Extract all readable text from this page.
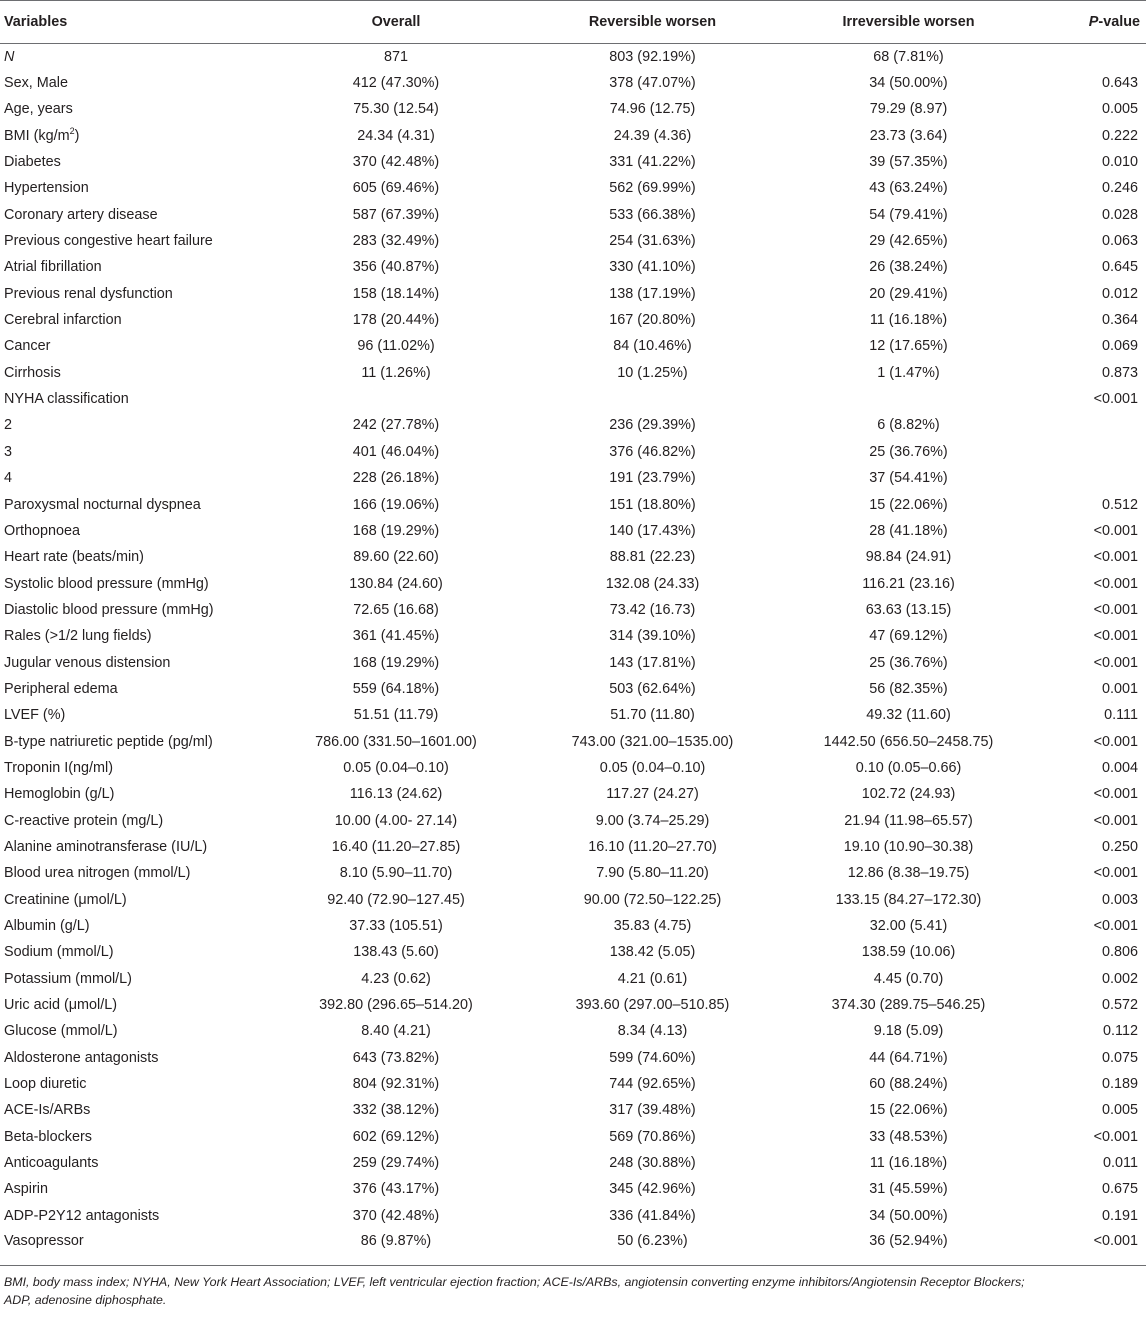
Variables	Overall	Reversible worsen	Irreversible worsen	P-value
N	871	803 (92.19%)	68 (7.81%)	
Sex, Male	412 (47.30%)	378 (47.07%)	34 (50.00%)	0.643
Age, years	75.30 (12.54)	74.96 (12.75)	79.29 (8.97)	0.005
BMI $(kg/m^2)$	24.34 (4.31)	24.39 (4.36)	23.73 (3.64)	0.222
Diabetes	370 (42.48%)	331 (41.22%)	39 (57.35%)	0.010
Hypertension	605 (69.46%)	562 (69.99%)	43 (63.24%)	0.246
Coronary artery disease	587 (67.39%)	533 (66.38%)	54 (79.41%)	0.028
Previous congestive heart failure	283 (32.49%)	254 (31.63%)	29 (42.65%)	0.063
Atrial fibrillation	356 (40.87%)	330 (41.10%)	26 (38.24%)	0.645
Previous renal dysfunction	158 (18.14%)	138 (17.19%)	20 (29.41%)	0.012
Cerebral infarction	178 (20.44%)	167 (20.80%)	11 (16.18%)	0.364
Cancer	96 (11.02%)	84 (10.46%)	12 (17.65%)	0.069
Cirrhosis	11 (1.26%)	10 (1.25%)	1 (1.47%)	0.873
NYHA classification				<0.001
2	242 (27.78%)	236 (29.39%)	6 (8.82%)	
3	401 (46.04%)	376 (46.82%)	25 (36.76%)	
4	228 (26.18%)	191 (23.79%)	37 (54.41%)	
Paroxysmal nocturnal dyspnea	166 (19.06%)	151 (18.80%)	15 (22.06%)	0.512
Orthopnoea	168 (19.29%)	140 (17.43%)	28 (41.18%)	<0.001
Heart rate (beats/min)	89.60 (22.60)	88.81 (22.23)	98.84 (24.91)	<0.001
Systolic blood pressure (mmHg)	130.84 (24.60)	132.08 (24.33)	116.21 (23.16)	<0.001
Diastolic blood pressure (mmHg)	72.65 (16.68)	73.42 (16.73)	63.63 (13.15)	<0.001
Rales (>1/2 lung fields)	361 (41.45%)	314 (39.10%)	47 (69.12%)	<0.001
Jugular venous distension	168 (19.29%)	143 (17.81%)	25 (36.76%)	<0.001
Peripheral edema	559 (64.18%)	503 (62.64%)	56 (82.35%)	0.001
LVEF (%)	51.51 (11.79)	51.70 (11.80)	49.32 (11.60)	0.111
B-type natriuretic peptide (pg/ml)	786.00 (331.50–1601.00)	743.00 (321.00–1535.00)	1442.50 (656.50–2458.75)	<0.001
Troponin I(ng/ml)	0.05 (0.04–0.10)	0.05 (0.04–0.10)	0.10 (0.05–0.66)	0.004
Hemoglobin (g/L)	116.13 (24.62)	117.27 (24.27)	102.72 (24.93)	<0.001
C-reactive protein (mg/L)	10.00 (4.00- 27.14)	9.00 (3.74–25.29)	21.94 (11.98–65.57)	<0.001
Alanine aminotransferase (IU/L)	16.40 (11.20–27.85)	16.10 (11.20–27.70)	19.10 (10.90–30.38)	0.250
Blood urea nitrogen (mmol/L)	8.10 (5.90–11.70)	7.90 (5.80–11.20)	12.86 (8.38–19.75)	<0.001
Creatinine (μmol/L)	92.40 (72.90–127.45)	90.00 (72.50–122.25)	133.15 (84.27–172.30)	0.003
Albumin (g/L)	37.33 (105.51)	35.83 (4.75)	32.00 (5.41)	<0.001
Sodium (mmol/L)	138.43 (5.60)	138.42 (5.05)	138.59 (10.06)	0.806
Potassium (mmol/L)	4.23 (0.62)	4.21 (0.61)	4.45 (0.70)	0.002
Uric acid (μmol/L)	392.80 (296.65–514.20)	393.60 (297.00–510.85)	374.30 (289.75–546.25)	0.572
Glucose (mmol/L)	8.40 (4.21)	8.34 (4.13)	9.18 (5.09)	0.112
Aldosterone antagonists	643 (73.82%)	599 (74.60%)	44 (64.71%)	0.075
Loop diuretic	804 (92.31%)	744 (92.65%)	60 (88.24%)	0.189
ACE-Is/ARBs	332 (38.12%)	317 (39.48%)	15 (22.06%)	0.005
Beta-blockers	602 (69.12%)	569 (70.86%)	33 (48.53%)	<0.001
Anticoagulants	259 (29.74%)	248 (30.88%)	11 (16.18%)	0.011
Aspirin	376 (43.17%)	345 (42.96%)	31 (45.59%)	0.675
ADP-P2Y12 antagonists	370 (42.48%)	336 (41.84%)	34 (50.00%)	0.191
Vasopressor	86 (9.87%)	50 (6.23%)	36 (52.94%)	<0.001
BMI, body mass index; NYHA, New York Heart Association; LVEF, left ventricular ejection fraction; ACE-Is/ARBs, angiotensin converting enzyme inhibitors/Angiotensin Receptor Blockers;
ADP, adenosine diphosphate.
